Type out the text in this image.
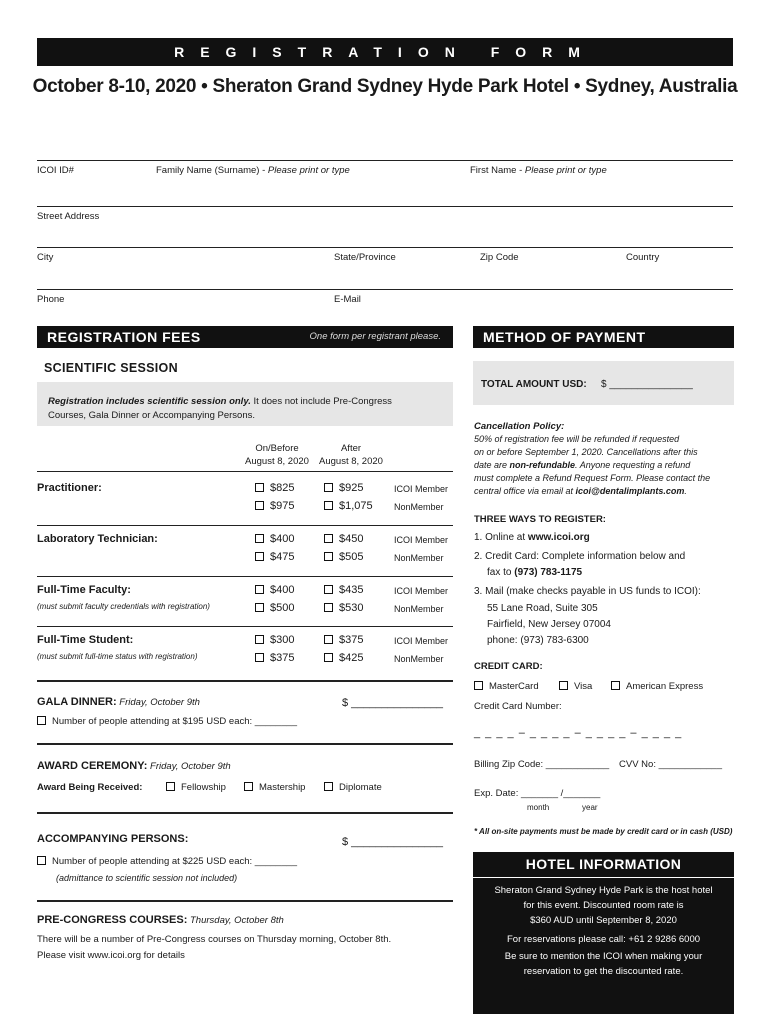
REGISTRATION FORM
October 8-10, 2020 • Sheraton Grand Sydney Hyde Park Hotel • Sydney, Australia
ICOI ID#	Family Name (Surname) - Please print or type	First Name - Please print or type
Street Address
City	State/Province	Zip Code	Country
Phone	E-Mail
REGISTRATION FEES	One form per registrant please.
SCIENTIFIC SESSION
Registration includes scientific session only. It does not include Pre-Congress
Courses, Gala Dinner or Accompanying Persons.
On/Before
August 8, 2020
After
August 8, 2020
Practitioner:	$825	$925	ICOI Member
$975	$1,075 NonMember
Laboratory Technician:	$400	$450	ICOI Member
$475	$505	NonMember
Full-Time Faculty:
(must submit faculty credentials with registration)
$400	$435	ICOI Member
$500	$530	NonMember
Full-Time Student:
(must submit full-time status with registration)
$300	$375	ICOI Member
$375	$425	NonMember
GALA DINNER: Friday, October 9th	$ _______________
Number of people attending at $195 USD each: ________
AWARD CEREMONY: Friday, October 9th
Award Being Received:	Fellowship	Mastership	Diplomate
ACCOMPANYING PERSONS:	$ _______________
Number of people attending at $225 USD each: ________
(admittance to scientific session not included)
PRE-CONGRESS COURSES: Thursday, October 8th
There will be a number of Pre-Congress courses on Thursday morning, October 8th.
Please visit www.icoi.org for details
METHOD OF PAYMENT
TOTAL AMOUNT USD: $ _______________
Cancellation Policy:
50% of registration fee will be refunded if requested
on or before September 1, 2020. Cancellations after this
date are non-refundable. Anyone requesting a refund
must complete a Refund Request Form. Please contact the
central office via email at icoi@dentalimplants.com.
THREE WAYS TO REGISTER:
1. Online at www.icoi.org
2. Credit Card: Complete information below and
fax to (973) 783-1175
3. Mail (make checks payable in US funds to ICOI):
55 Lane Road, Suite 305
Fairfield, New Jersey 07004
phone: (973) 783-6300
CREDIT CARD:
MasterCard	Visa	American Express
Credit Card Number:
_ _ _ _ – _ _ _ _ – _ _ _ _ – _ _ _ _
Billing Zip Code: ____________ CVV No: ____________
Exp. Date: _______ /_______
month	year
* All on-site payments must be made by credit card or in cash (USD)
HOTEL INFORMATION
Sheraton Grand Sydney Hyde Park is the host hotel
for this event. Discounted room rate is
$360 AUD until September 8, 2020
For reservations please call: +61 2 9286 6000
Be sure to mention the ICOI when making your
reservation to get the discounted rate.
